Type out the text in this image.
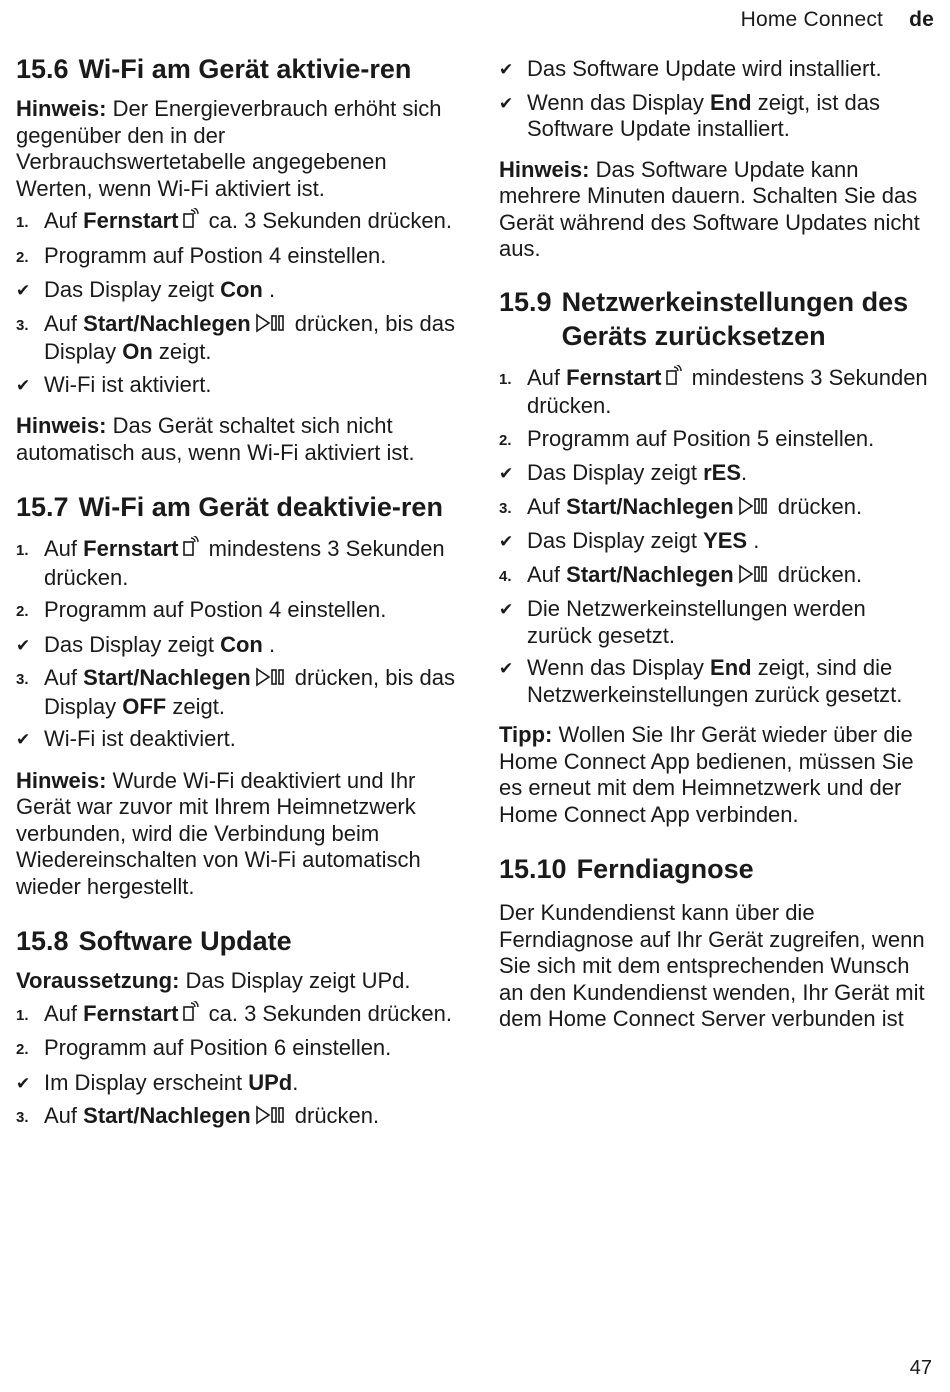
Home Connect de
15.6 Wi-Fi am Gerät aktivie-ren

Hinweis: Der Energieverbrauch erhöht sich gegenüber den in der Verbrauchswertetabelle angegebenen Werten, wenn Wi-Fi aktiviert ist.

1. Auf Fernstart ca. 3 Sekunden drücken.
2. Programm auf Postion 4 einstellen.
✔ Das Display zeigt Con .
3. Auf Start/Nachlegen drücken, bis das Display On zeigt.
✔ Wi-Fi ist aktiviert.

Hinweis: Das Gerät schaltet sich nicht automatisch aus, wenn Wi-Fi aktiviert ist.

15.7 Wi-Fi am Gerät deaktivie-ren
1. Auf Fernstart mindestens 3 Sekunden drücken.
2. Programm auf Postion 4 einstellen.
✔ Das Display zeigt Con .
3. Auf Start/Nachlegen drücken, bis das Display OFF zeigt.
✔ Wi-Fi ist deaktiviert.

Hinweis: Wurde Wi-Fi deaktiviert und Ihr Gerät war zuvor mit Ihrem Heimnetzwerk verbunden, wird die Verbindung beim Wiedereinschalten von Wi-Fi automatisch wieder hergestellt.

15.8 Software Update

Voraussetzung: Das Display zeigt UPd.

1. Auf Fernstart ca. 3 Sekunden drücken.
2. Programm auf Position 6 einstellen.
✔ Im Display erscheint UPd.
3. Auf Start/Nachlegen drücken.
✔ Das Software Update wird installiert.
✔ Wenn das Display End zeigt, ist das Software Update installiert.

Hinweis: Das Software Update kann mehrere Minuten dauern. Schalten Sie das Gerät während des Software Updates nicht aus.

15.9 Netzwerkeinstellungen des Geräts zurücksetzen
1. Auf Fernstart mindestens 3 Sekunden drücken.
2. Programm auf Position 5 einstellen.
✔ Das Display zeigt rES.
3. Auf Start/Nachlegen drücken.
✔ Das Display zeigt YES .
4. Auf Start/Nachlegen drücken.
✔ Die Netzwerkeinstellungen werden zurück gesetzt.
✔ Wenn das Display End zeigt, sind die Netzwerkeinstellungen zurück gesetzt.

Tipp: Wollen Sie Ihr Gerät wieder über die Home Connect App bedienen, müssen Sie es erneut mit dem Heimnetzwerk und der Home Connect App verbinden.

15.10 Ferndiagnose

Der Kundendienst kann über die Ferndiagnose auf Ihr Gerät zugreifen, wenn Sie sich mit dem entsprechenden Wunsch an den Kundendienst wenden, Ihr Gerät mit dem Home Connect Server verbunden ist

47
